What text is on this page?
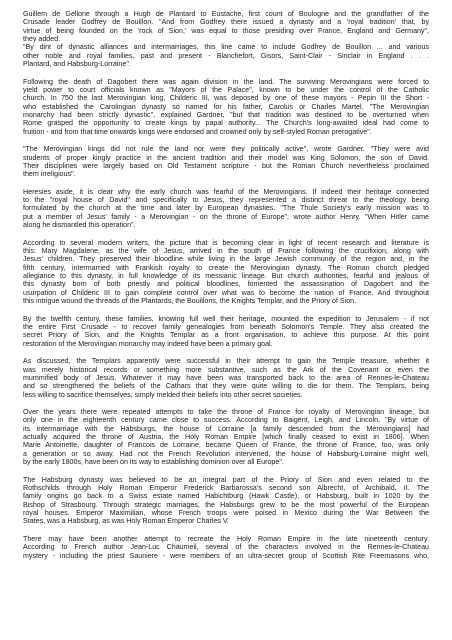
Guillem de Gellone through a Hugh de Plantard to Eustache, first count of Boulogne and the grandfather of the
Crusade leader Godfrey de Bouillon. "And from Godfrey there issued a dynasty and a 'royal tradition' that, by
virtue of being founded on the 'rock of Sion,' was equal to those presiding over France, England and Germany",
they added.

"By dint of dynastic alliances and intermarriages, this line came to include Godfrey de Bouillon ... and various
other noble and royal families, past and present - Blanchefort, Gisors, Saint-Clair - Sinclair in England . . .
Plantard, and Habsburg-Lorraine".

Following the death of Dagobert there was again division in the land. The surviving Merovingians were forced to
yield power to court officials known as "Mayors of the Palace", known to be under the control of the Catholic
church. In 750 the last Merovingian king, Childeric III, was deposed by one of these mayors - Pepin III the Short -
who established the Carolingian dynasty so named for his father, Carolus or Charles Martel. "The Merovingian
monarchy had been strictly dynastic", explained Gardner, "but that tradition was destined to be overturned when
Rome grasped the opportunity to create kings by papal authority... The Church's long-awaited ideal had come to
fruition - and from that time onwards kings were endorsed and crowned only by self-styled Roman prerogative".

"The Merovingian kings did not rule the land nor were they politically active", wrote Gardner. "They were avid
students of proper kingly practice in the ancient tradition and their model was King Solomon, the son of David.
Their disciplines were largely based on Old Testament scripture - but the Roman Church nevertheless proclaimed
them irreligious".

Heresies aside, it is clear why the early church was fearful of the Merovingians. If indeed their heritage connected
to the "royal house of David" and specifically to Jesus, they represented a distinct threat to the theology being
formulated by the church at the time and later by European dynasties. "The Thule Society's early mission was to
put a member of Jesus' family - a Merovingian - on the throne of Europe", wrote author Henry. "When Hitler came
along he dismantled this operation".

According to several modern writers, the picture that is becoming clear in light of recent research and literature is
this: Mary Magdalene, as the wife of Jesus, arrived in the south of France following the crucifixion, along with
Jesus' children. They preserved their bloodline while living in the large Jewish community of the region and, in the
fifth century, intermarried with Frankish royalty to create the Merovingian dynasty. The Roman church pledged
allegiance to this dynasty, in full knowledge of its messianic lineage. But church authorities, fearful and jealous of
this dynasty born of both priestly and political bloodlines, fomented the assassination of Dagobert and the
usurpation of Childeric III to gain complete control over what was to become the nation of France. And throughout
this intrigue wound the threads of the Plantards, the Bouillons, the Knights Templar, and the Priory of Sion.

By the twelfth century, these families, knowing full well their heritage, mounted the expedition to Jerusalem - if not
the entire First Crusade - to recover family genealogies from beneath Solomon's Temple. They also created the
secret Priory of Sion, and the Knights Templar as a front organisation, to achieve this purpose. At this point
restoration of the Merovingian monarchy may indeed have been a primary goal.

As discussed, the Templars apparently were successful in their attempt to gain the Temple treasure, whether it
was merely historical records or something more substantive, such as the Ark of the Covenant or even the
mummified body of Jesus. Whatever it may have been was transported back to the area of Rennes-le-Chateau
and so strengthened the beliefs of the Cathars that they were quite willing to die for them. The Templars, being
less willing to sacrifice themselves, simply melded their beliefs into other secret societies.

Over the years there were repeated attempts to take the throne of France for royalty of Merovingian lineage, but
only one in the eighteenth century came close to success. According to Baigent, Leigh, and Lincoln, "By virtue of
its intermarriage with the Habsburgs, the house of Lorraine [a family descended from the Merovingians] had
actually acquired the throne of Austria, the Holy Roman Empire [which finally ceased to exist in 1806]. When
Marie Antoinette, daughter of Francois de Lorraine, became Queen of France, the throne of France, too, was only
a generation or so away. Had not the French Revolution intervened, the house of Habsburg-Lorraine might well,
by the early 1800s, have been on its way to establishing dominion over all Europe".

The Habsburg dynasty was believed to be an integral part of the Priory of Sion and even related to the
Rothschilds through Holy Roman Emperor Frederick Barbarossa's second son Albrecht, of Archibald, II. The
family origins go back to a Swiss estate named Habichtburg (Hawk Castle), or Habsburg, built in 1020 by the
Bishop of Strasbourg. Through strategic marriages, the Habsburgs grew to be the most powerful of the European
royal houses. Emperor Maximilian, whose French troops were poised in Mexico during the War Between the
States, was a Habsburg, as was Holy Roman Emperor Charles V.

There may have been another attempt to recreate the Holy Roman Empire in the late nineteenth century.
According to French author Jean-Luc Chaumeil, several of the characters involved in the Rennes-le-Chateau
mystery - including the priest Sauniere - were members of an ultra-secret group of Scottish Rite Freemasons who,
